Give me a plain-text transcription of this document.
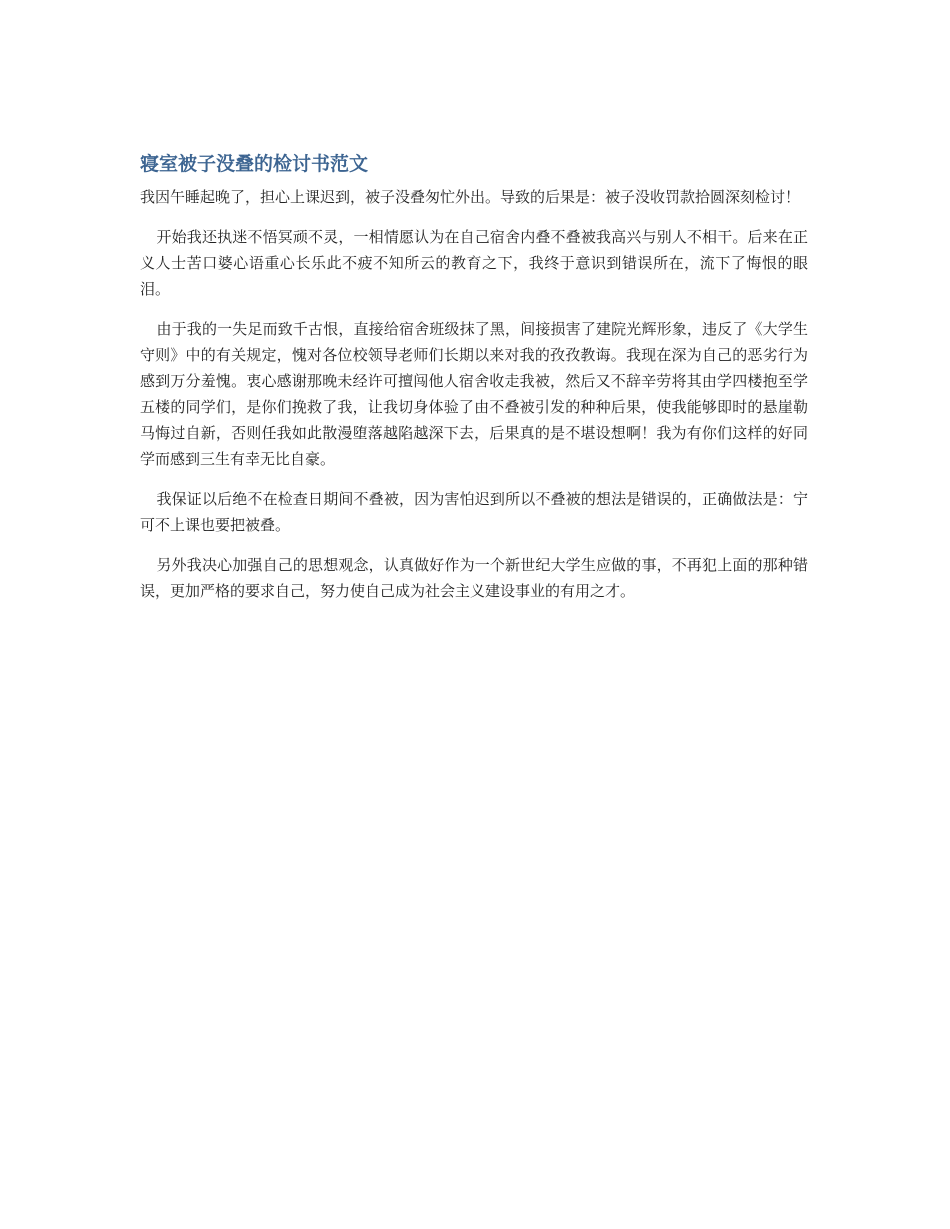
寝室被子没叠的检讨书范文

我因午睡起晚了，担心上课迟到，被子没叠匆忙外出。导致的后果是：被子没收罚款拾圆深刻检讨！

开始我还执迷不悟冥顽不灵，一相情愿认为在自己宿舍内叠不叠被我高兴与别人不相干。后来在正义人士苦口婆心语重心长乐此不疲不知所云的教育之下，我终于意识到错误所在，流下了悔恨的眼泪。

由于我的一失足而致千古恨，直接给宿舍班级抹了黑，间接损害了建院光辉形象，违反了《大学生守则》中的有关规定，愧对各位校领导老师们长期以来对我的孜孜教诲。我现在深为自己的恶劣行为感到万分羞愧。衷心感谢那晚未经许可擅闯他人宿舍收走我被，然后又不辞辛劳将其由学四楼抱至学五楼的同学们，是你们挽救了我，让我切身体验了由不叠被引发的种种后果，使我能够即时的悬崖勒马悔过自新，否则任我如此散漫堕落越陷越深下去，后果真的是不堪设想啊！我为有你们这样的好同学而感到三生有幸无比自豪。

我保证以后绝不在检查日期间不叠被，因为害怕迟到所以不叠被的想法是错误的，正确做法是：宁可不上课也要把被叠。

另外我决心加强自己的思想观念，认真做好作为一个新世纪大学生应做的事，不再犯上面的那种错误，更加严格的要求自己，努力使自己成为社会主义建设事业的有用之才。
